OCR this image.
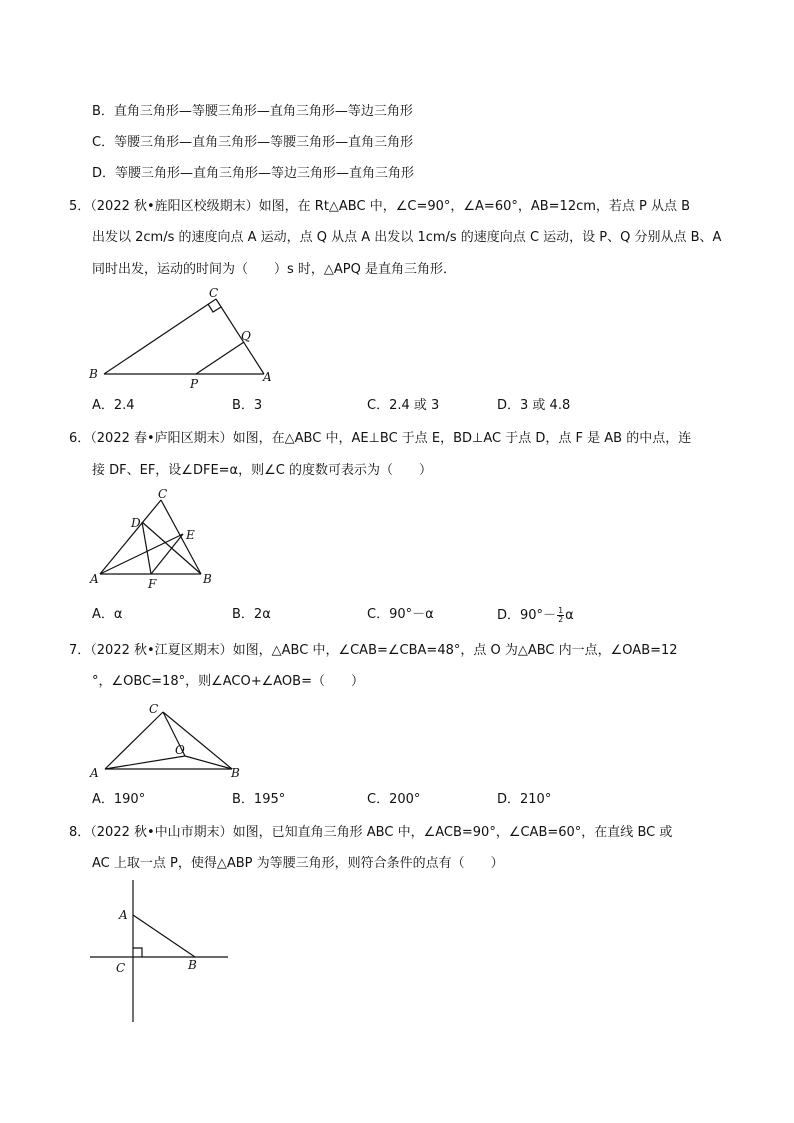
B．直角三角形—等腰三角形—直角三角形—等边三角形
C．等腰三角形—直角三角形—等腰三角形—直角三角形
D．等腰三角形—直角三角形—等边三角形—直角三角形
5．（2022 秋•旌阳区校级期末）如图，在 Rt△ABC 中，∠C=90°，∠A=60°，AB=12cm，若点 P 从点 B
出发以 2cm/s 的速度向点 A 运动，点 Q 从点 A 出发以 1cm/s 的速度向点 C 运动，设 P、Q 分别从点 B、A
同时出发，运动的时间为（　　）s 时，△APQ 是直角三角形．
C
Q
B
P	A
A．2.4	B．3	C．2.4 或 3	D．3 或 4.8
6．（2022 春•庐阳区期末）如图，在△ABC 中，AE⊥BC 于点 E，BD⊥AC 于点 D，点 F 是 AB 的中点，连
接 DF、EF，设∠DFE=α，则∠C 的度数可表示为（　　）
C
D
E
A	F	B
A．α	B．2α	C．90°－α	D．$90^\circ- \frac{1}{2}$ α
7．（2022 秋•江夏区期末）如图，△ABC 中，∠CAB=∠CBA=48°，点 O 为△ABC 内一点，∠OAB=12
°，∠OBC=18°，则∠ACO+∠AOB=（　　）
C
O
A	B
A．190°	B．195°	C．200°	D．210°
8．（2022 秋•中山市期末）如图，已知直角三角形 ABC 中，∠ACB=90°，∠CAB=60°，在直线 BC 或
AC 上取一点 P，使得△ABP 为等腰三角形，则符合条件的点有（　　）
A
C	B
